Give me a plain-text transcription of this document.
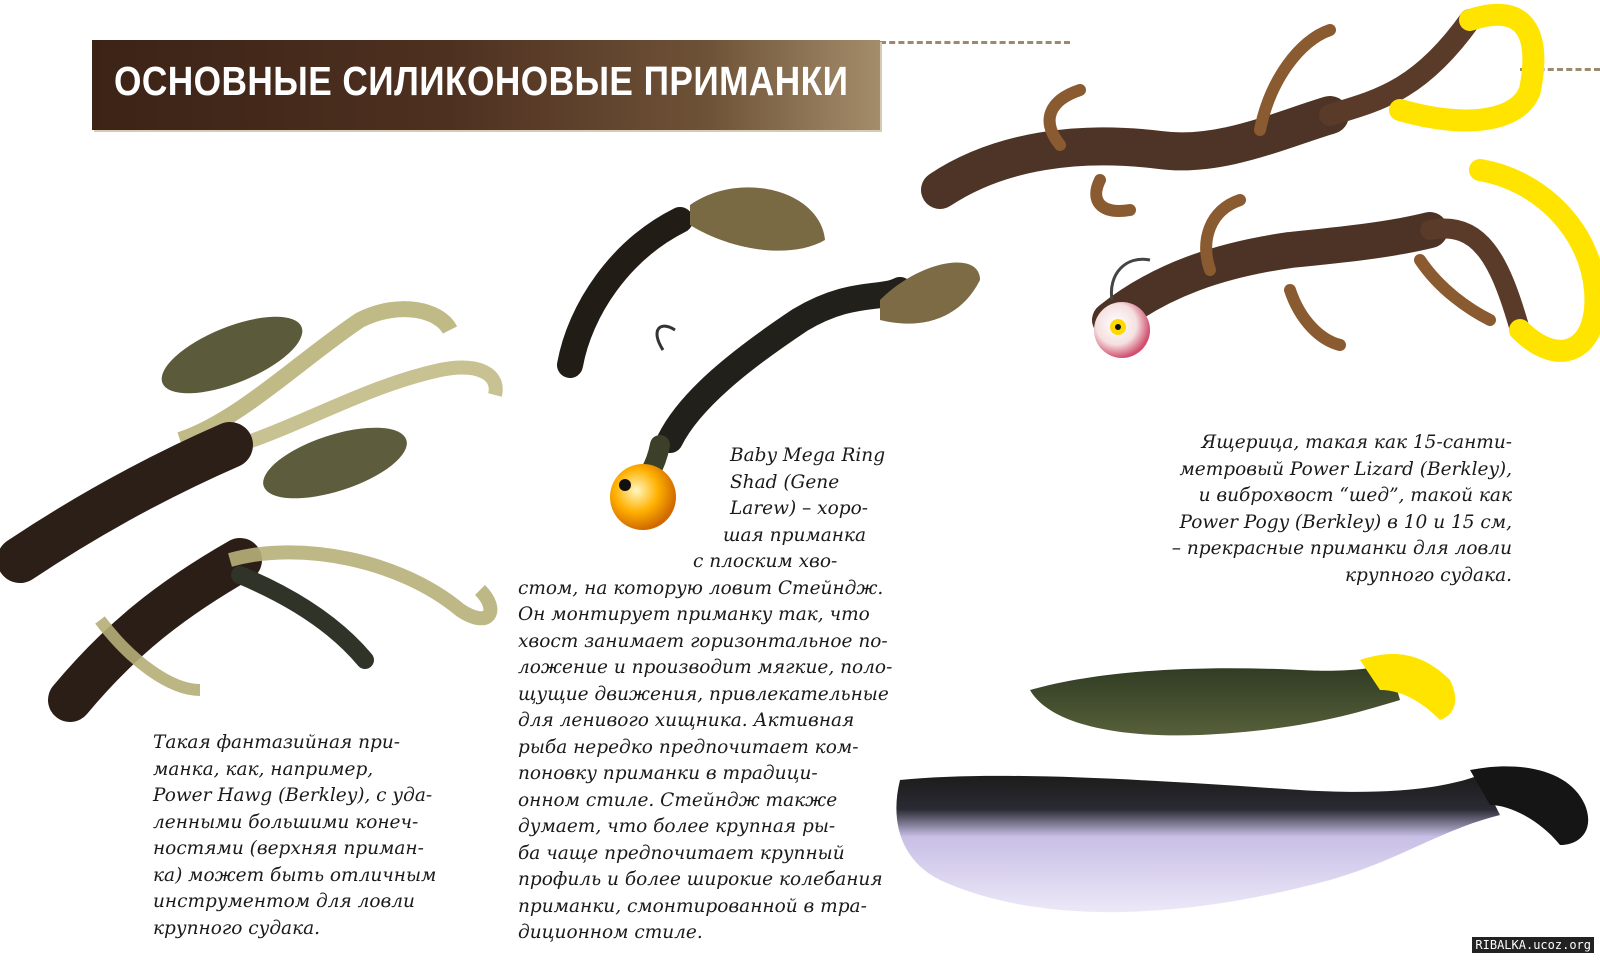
ОСНОВНЫЕ СИЛИКОНОВЫЕ ПРИМАНКИ
Такая фантазийная при-
манка, как, например,
Power Hawg (Berkley), с уда-
ленными большими конеч-
ностями (верхняя приман-
ка) может быть отличным
инструментом для ловли
крупного судака.
Baby Mega Ring
Shad (Gene
Larew) – хоро-
шая приманка
с плоским хво-
стом, на которую ловит Стейндж.
Он монтирует приманку так, что
хвост занимает горизонтальное по-
ложение и производит мягкие, поло-
щущие движения, привлекательные
для ленивого хищника. Активная
рыба нередко предпочитает ком-
поновку приманки в традици-
онном стиле. Стейндж также
думает, что более крупная ры-
ба чаще предпочитает крупный
профиль и более широкие колебания
приманки, смонтированной в тра-
диционном стиле.
Ящерица, такая как 15-санти-
метровый Power Lizard (Berkley),
и виброхвост “шед”, такой как
Power Pogy (Berkley) в 10 и 15 см,
– прекрасные приманки для ловли
крупного судака.
RIBALKA.ucoz.org
